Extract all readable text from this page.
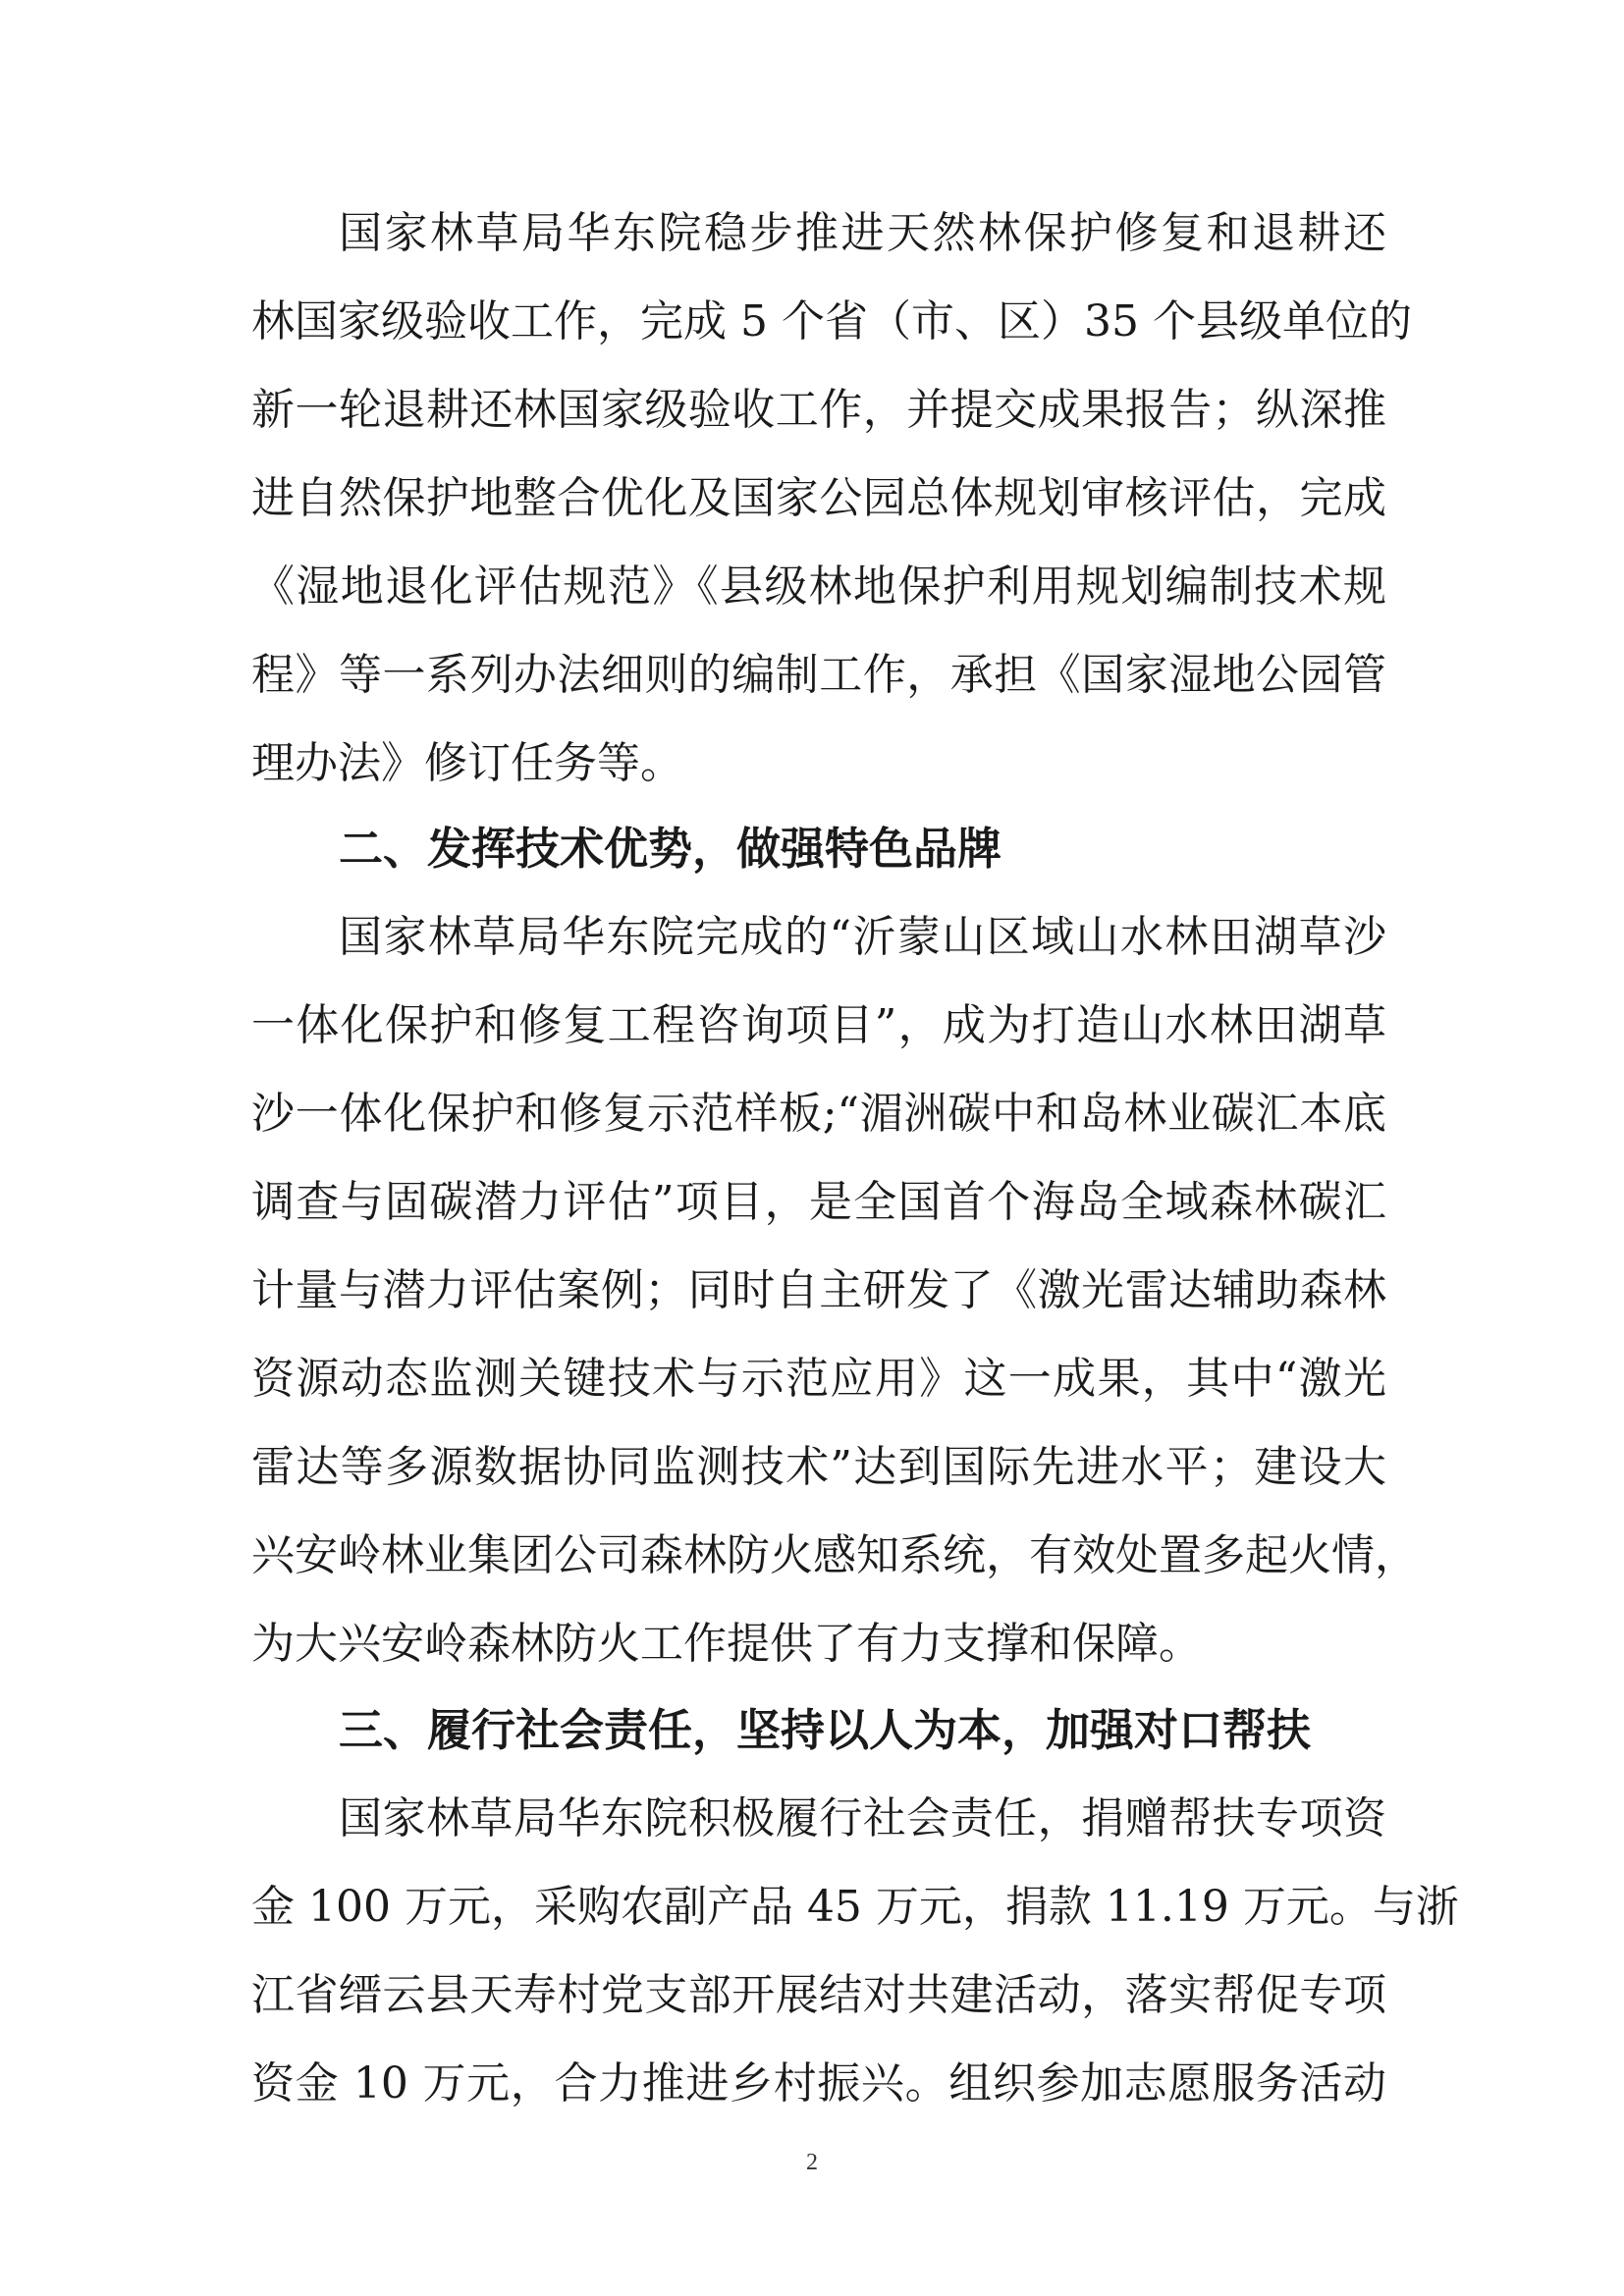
国家林草局华东院稳步推进天然林保护修复和退耕还
林国家级验收工作，完成 5 个省（市、区）35 个县级单位的
新一轮退耕还林国家级验收工作，并提交成果报告；纵深推
进自然保护地整合优化及国家公园总体规划审核评估，完成
《湿地退化评估规范》《县级林地保护利用规划编制技术规
程》等一系列办法细则的编制工作，承担《国家湿地公园管
理办法》修订任务等。
二、发挥技术优势，做强特色品牌
国家林草局华东院完成的“沂蒙山区域山水林田湖草沙
一体化保护和修复工程咨询项目”，成为打造山水林田湖草
沙一体化保护和修复示范样板;“湄洲碳中和岛林业碳汇本底
调查与固碳潜力评估”项目，是全国首个海岛全域森林碳汇
计量与潜力评估案例；同时自主研发了《激光雷达辅助森林
资源动态监测关键技术与示范应用》这一成果，其中“激光
雷达等多源数据协同监测技术”达到国际先进水平；建设大
兴安岭林业集团公司森林防火感知系统，有效处置多起火情，
为大兴安岭森林防火工作提供了有力支撑和保障。
三、履行社会责任，坚持以人为本，加强对口帮扶
国家林草局华东院积极履行社会责任，捐赠帮扶专项资
金 100 万元，采购农副产品 45 万元，捐款 11.19 万元。与浙
江省缙云县天寿村党支部开展结对共建活动，落实帮促专项
资金 10 万元，合力推进乡村振兴。组织参加志愿服务活动
2
